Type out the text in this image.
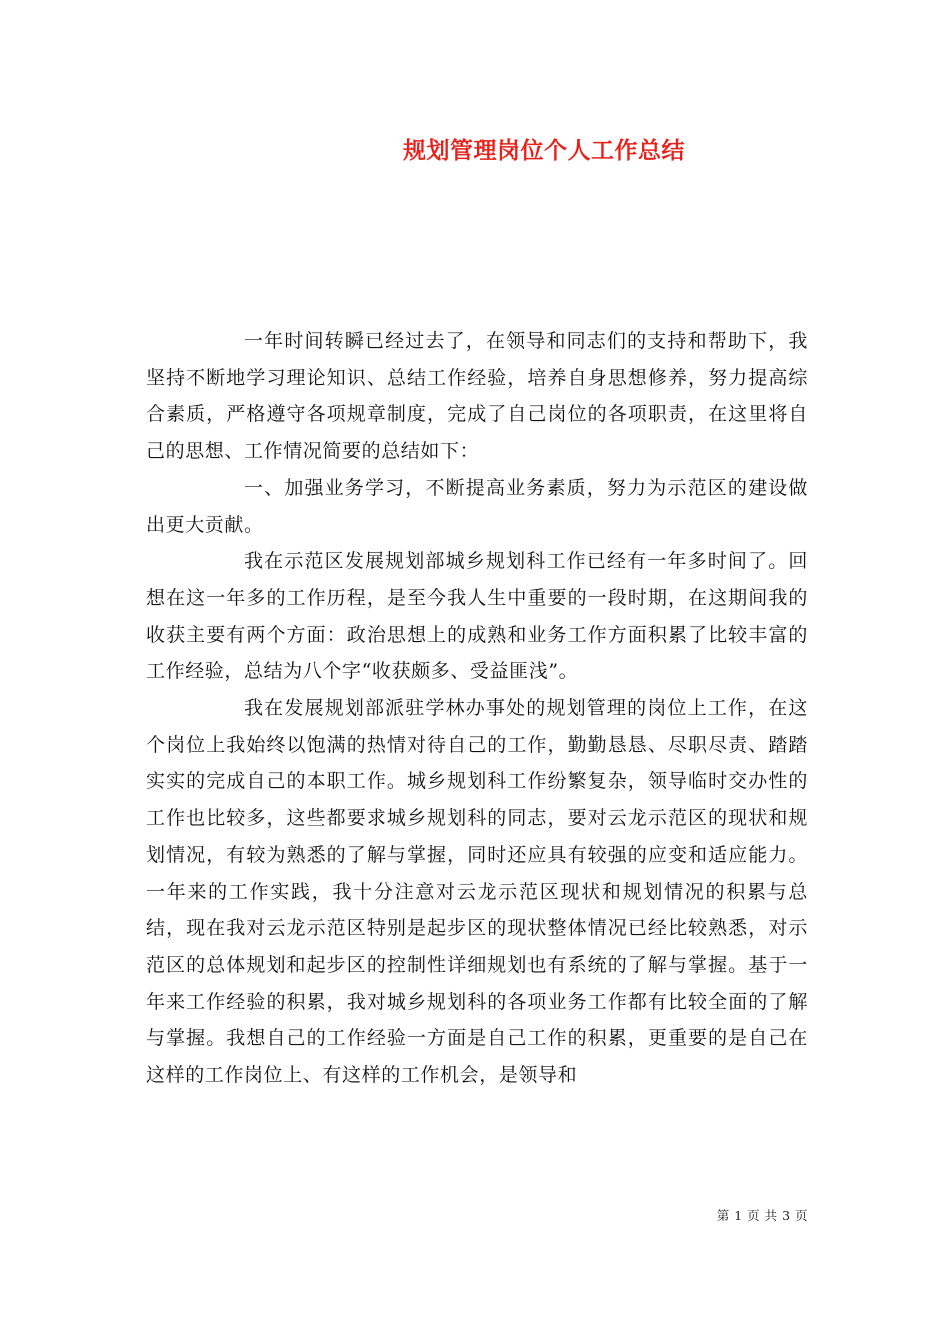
规划管理岗位个人工作总结

一年时间转瞬已经过去了，在领导和同志们的支持和帮助下，我坚持不断地学习理论知识、总结工作经验，培养自身思想修养，努力提高综合素质，严格遵守各项规章制度，完成了自己岗位的各项职责，在这里将自己的思想、工作情况简要的总结如下：

一、加强业务学习，不断提高业务素质，努力为示范区的建设做出更大贡献。

我在示范区发展规划部城乡规划科工作已经有一年多时间了。回想在这一年多的工作历程，是至今我人生中重要的一段时期，在这期间我的收获主要有两个方面：政治思想上的成熟和业务工作方面积累了比较丰富的工作经验，总结为八个字“收获颇多、受益匪浅”。

我在发展规划部派驻学林办事处的规划管理的岗位上工作，在这个岗位上我始终以饱满的热情对待自己的工作，勤勤恳恳、尽职尽责、踏踏实实的完成自己的本职工作。城乡规划科工作纷繁复杂，领导临时交办性的工作也比较多，这些都要求城乡规划科的同志，要对云龙示范区的现状和规划情况，有较为熟悉的了解与掌握，同时还应具有较强的应变和适应能力。一年来的工作实践，我十分注意对云龙示范区现状和规划情况的积累与总结，现在我对云龙示范区特别是起步区的现状整体情况已经比较熟悉，对示范区的总体规划和起步区的控制性详细规划也有系统的了解与掌握。基于一年来工作经验的积累，我对城乡规划科的各项业务工作都有比较全面的了解与掌握。我想自己的工作经验一方面是自己工作的积累，更重要的是自己在这样的工作岗位上、有这样的工作机会，是领导和

第 1 页 共 3 页
